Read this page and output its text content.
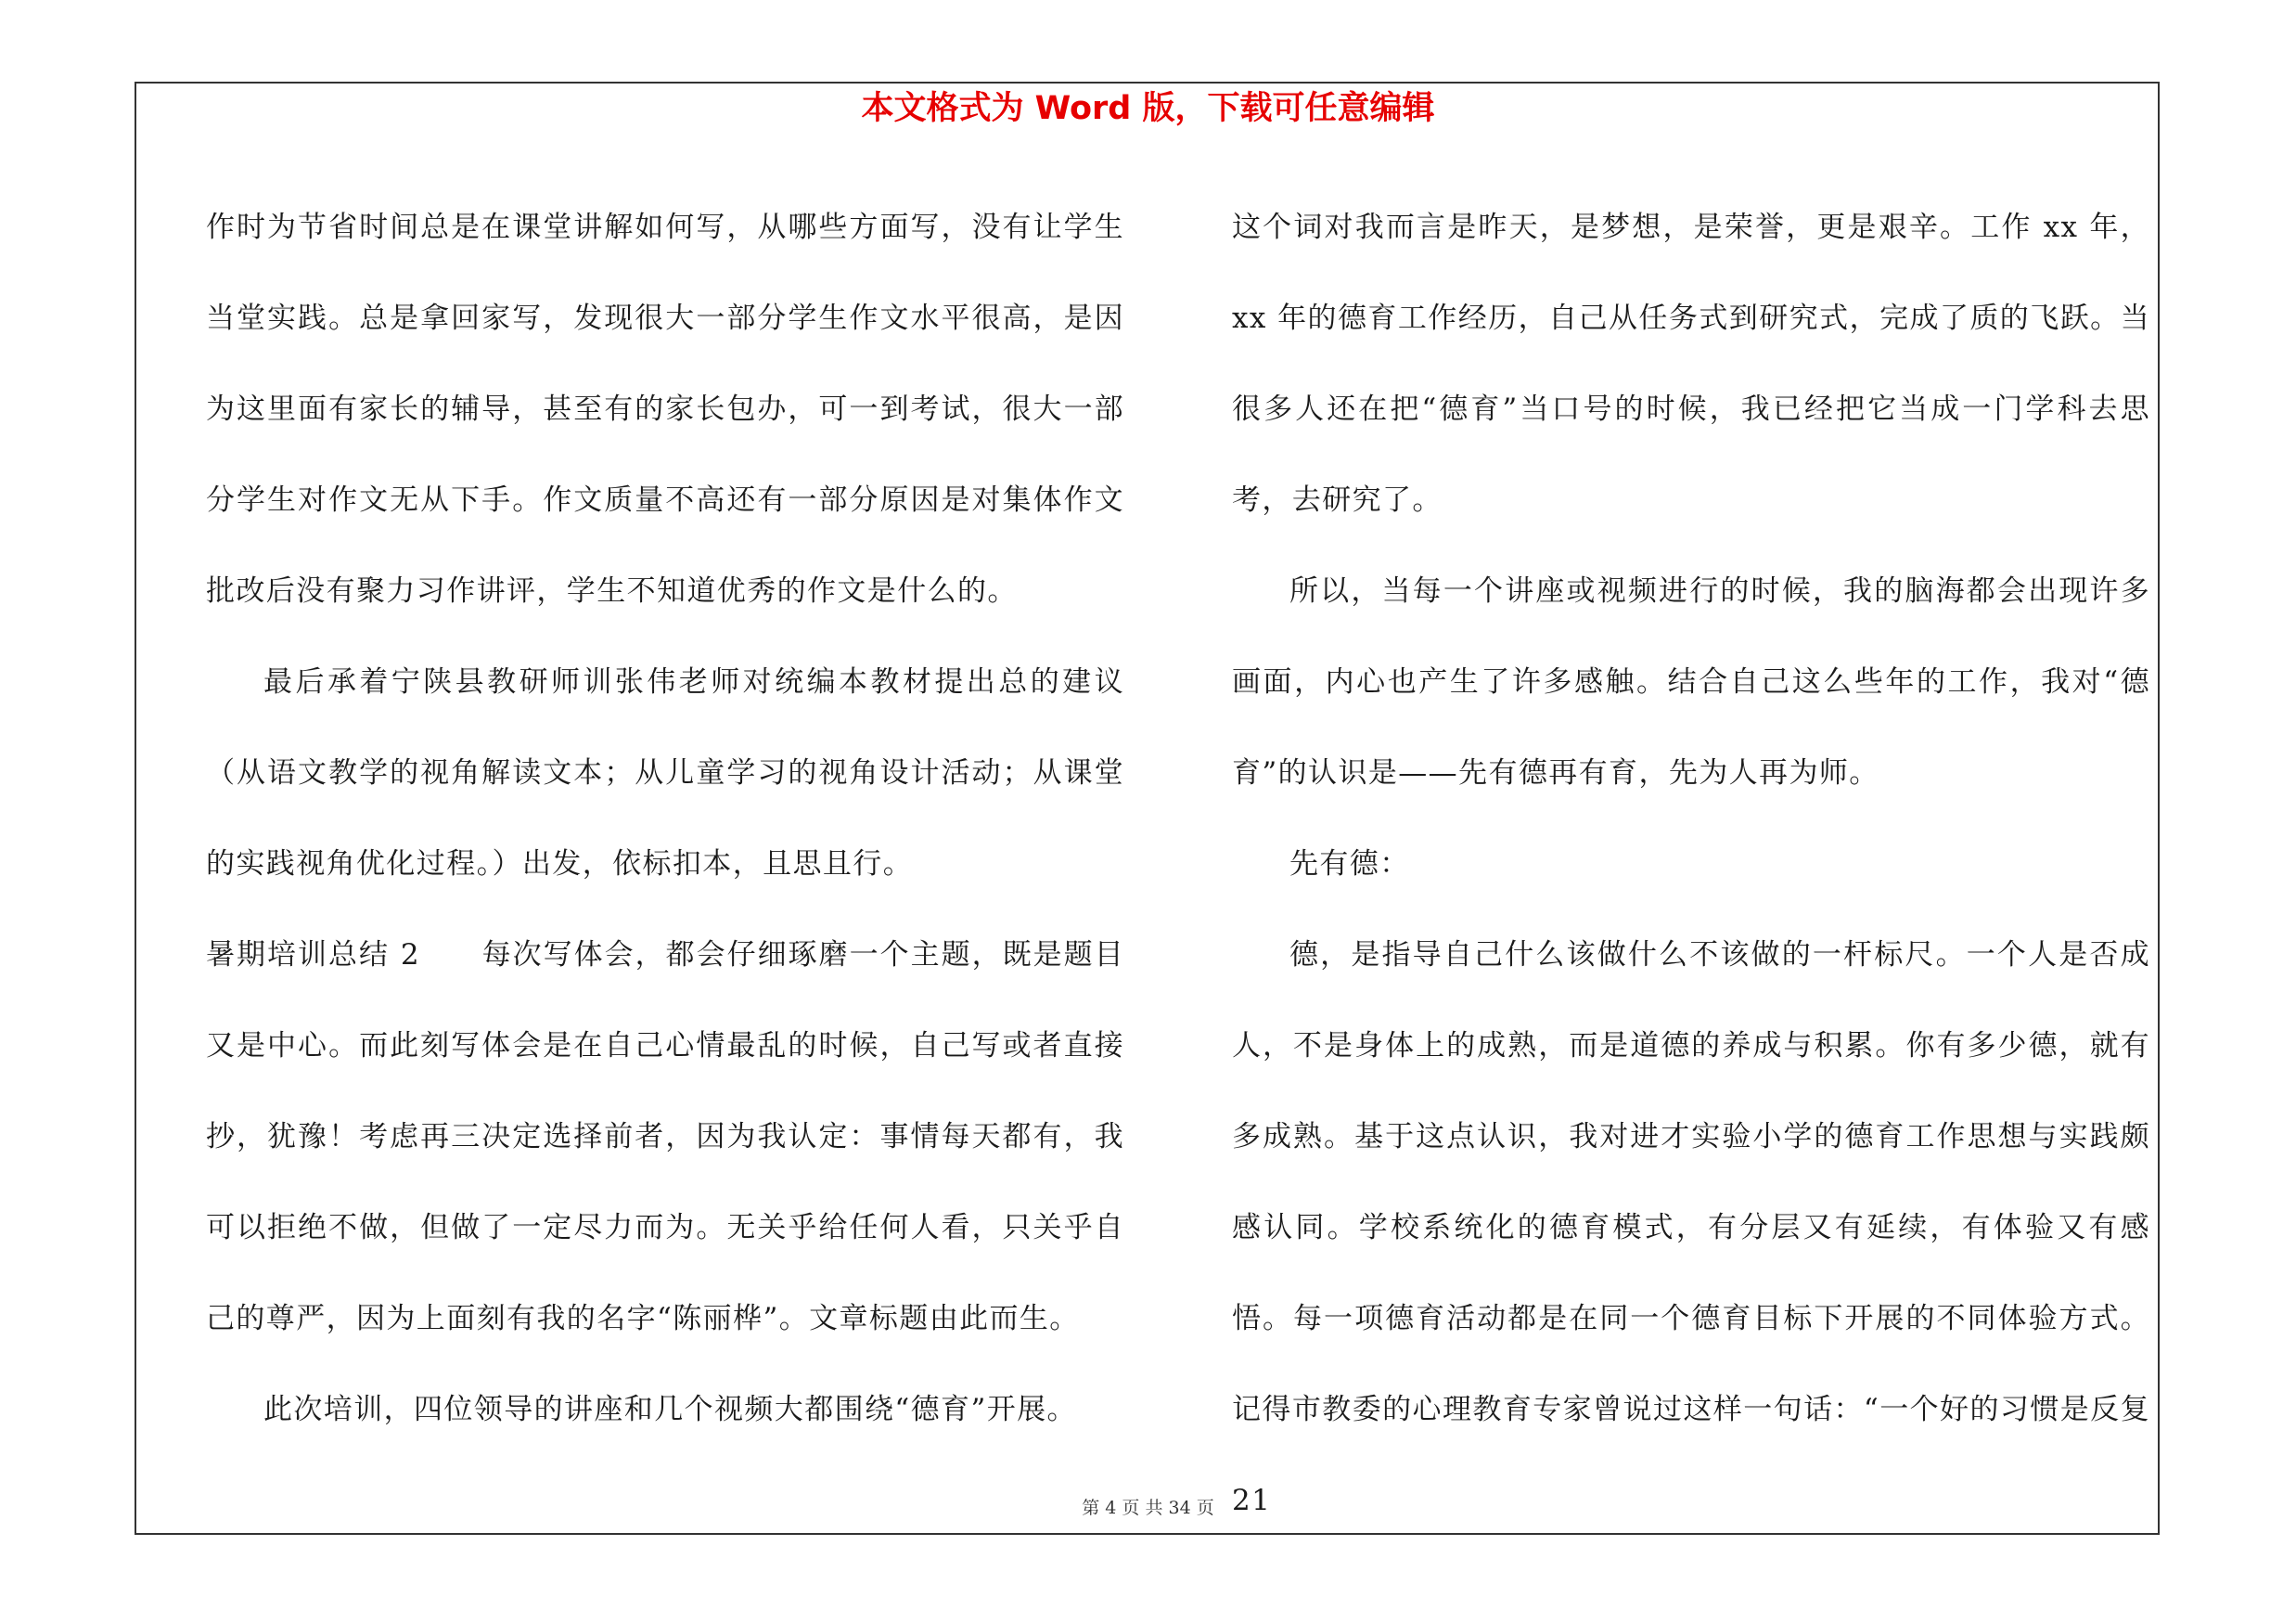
本文格式为 Word 版，下载可任意编辑

作时为节省时间总是在课堂讲解如何写，从哪些方面写，没有让学生当堂实践。总是拿回家写，发现很大一部分学生作文水平很高，是因为这里面有家长的辅导，甚至有的家长包办，可一到考试，很大一部分学生对作文无从下手。作文质量不高还有一部分原因是对集体作文批改后没有聚力习作讲评，学生不知道优秀的作文是什么的。

最后承着宁陕县教研师训张伟老师对统编本教材提出总的建议（从语文教学的视角解读文本；从儿童学习的视角设计活动；从课堂的实践视角优化过程。）出发，依标扣本，且思且行。

暑期培训总结 2　　每次写体会，都会仔细琢磨一个主题，既是题目又是中心。而此刻写体会是在自己心情最乱的时候，自己写或者直接抄，犹豫！考虑再三决定选择前者，因为我认定：事情每天都有，我可以拒绝不做，但做了一定尽力而为。无关乎给任何人看，只关乎自己的尊严，因为上面刻有我的名字“陈丽桦”。文章标题由此而生。

此次培训，四位领导的讲座和几个视频大都围绕“德育”开展。

这个词对我而言是昨天，是梦想，是荣誉，更是艰辛。工作 xx 年，xx 年的德育工作经历，自己从任务式到研究式，完成了质的飞跃。当很多人还在把“德育”当口号的时候，我已经把它当成一门学科去思考，去研究了。

所以，当每一个讲座或视频进行的时候，我的脑海都会出现许多画面，内心也产生了许多感触。结合自己这么些年的工作，我对“德育”的认识是——先有德再有育，先为人再为师。

先有德：

德，是指导自己什么该做什么不该做的一杆标尺。一个人是否成人，不是身体上的成熟，而是道德的养成与积累。你有多少德，就有多成熟。基于这点认识，我对进才实验小学的德育工作思想与实践颇感认同。学校系统化的德育模式，有分层又有延续，有体验又有感悟。每一项德育活动都是在同一个德育目标下开展的不同体验方式。记得市教委的心理教育专家曾说过这样一句话：“一个好的习惯是反复 21

第 4 页 共 34 页
